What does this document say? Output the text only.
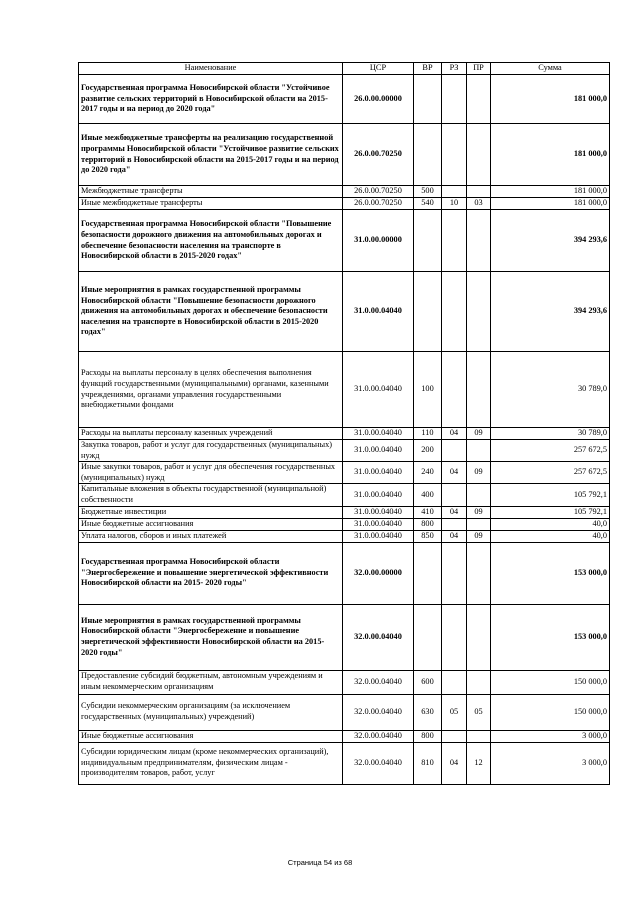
Наименование	ЦСР	ВР	РЗ	ПР	Сумма
Государственная программа Новосибирской области "Устойчивое развитие сельских территорий в Новосибирской области на 2015-2017 годы и на период до 2020 года"	26.0.00.00000				181 000,0
Иные межбюджетные трансферты на реализацию государственной программы Новосибирской области "Устойчивое развитие сельских территорий в Новосибирской области на 2015-2017 годы и на период до 2020 года"	26.0.00.70250				181 000,0
Межбюджетные трансферты	26.0.00.70250	500			181 000,0
Иные межбюджетные трансферты	26.0.00.70250	540	10	03	181 000,0
Государственная программа Новосибирской области "Повышение безопасности дорожного движения на автомобильных дорогах и обеспечение безопасности населения на транспорте в Новосибирской области в 2015-2020 годах"	31.0.00.00000				394 293,6
Иные мероприятия в рамках государственной программы Новосибирской области "Повышение безопасности дорожного движения на автомобильных дорогах и обеспечение безопасности населения на транспорте в Новосибирской области в 2015-2020 годах"	31.0.00.04040				394 293,6
Расходы на выплаты персоналу в целях обеспечения выполнения функций государственными (муниципальными) органами, казенными учреждениями, органами управления государственными внебюджетными фондами	31.0.00.04040	100			30 789,0
Расходы на выплаты персоналу казенных учреждений	31.0.00.04040	110	04	09	30 789,0
Закупка товаров, работ и услуг для государственных (муниципальных) нужд	31.0.00.04040	200			257 672,5
Иные закупки товаров, работ и услуг для обеспечения государственных (муниципальных) нужд	31.0.00.04040	240	04	09	257 672,5
Капитальные вложения в объекты государственной (муниципальной) собственности	31.0.00.04040	400			105 792,1
Бюджетные инвестиции	31.0.00.04040	410	04	09	105 792,1
Иные бюджетные ассигнования	31.0.00.04040	800			40,0
Уплата налогов, сборов и иных платежей	31.0.00.04040	850	04	09	40,0
Государственная программа Новосибирской области "Энергосбережение и повышение энергетической эффективности Новосибирской области на 2015- 2020 годы"	32.0.00.00000				153 000,0
Иные мероприятия в рамках государственной программы Новосибирской области "Энергосбережение и повышение энергетической эффективности Новосибирской области на 2015- 2020 годы"	32.0.00.04040				153 000,0
Предоставление субсидий бюджетным, автономным учреждениям и иным некоммерческим организациям	32.0.00.04040	600			150 000,0
Субсидии некоммерческим организациям (за исключением государственных (муниципальных) учреждений)	32.0.00.04040	630	05	05	150 000,0
Иные бюджетные ассигнования	32.0.00.04040	800			3 000,0
Субсидии юридическим лицам (кроме некоммерческих организаций), индивидуальным предпринимателям, физическим лицам - производителям товаров, работ, услуг	32.0.00.04040	810	04	12	3 000,0
Страница 54 из 68
